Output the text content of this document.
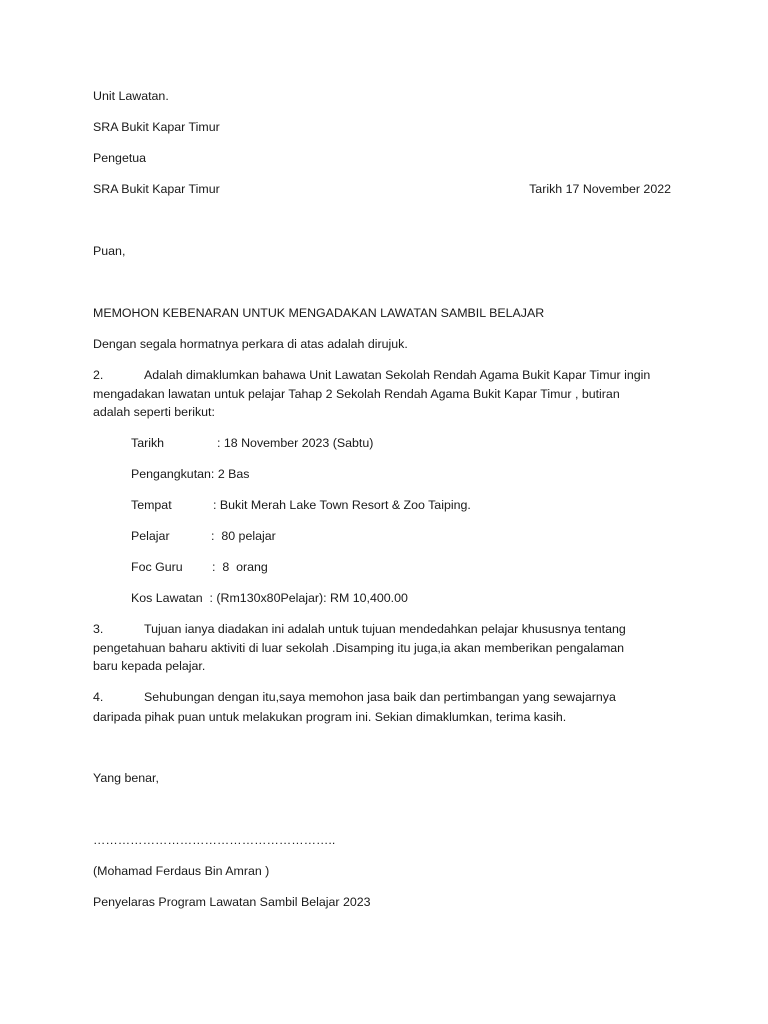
Unit Lawatan.
SRA Bukit Kapar Timur
Pengetua
SRA Bukit Kapar Timur	Tarikh 17 November 2022
Puan,
MEMOHON KEBENARAN UNTUK MENGADAKAN LAWATAN SAMBIL BELAJAR
Dengan segala hormatnya perkara di atas adalah dirujuk.
2.	Adalah dimaklumkan bahawa Unit Lawatan Sekolah Rendah Agama Bukit Kapar Timur ingin
mengadakan lawatan untuk pelajar Tahap 2 Sekolah Rendah Agama Bukit Kapar Timur , butiran
adalah seperti berikut:
Tarikh	: 18 November 2023 (Sabtu)
Pengangkutan: 2 Bas
Tempat	: Bukit Merah Lake Town Resort & Zoo Taiping.
Pelajar	:  80 pelajar
Foc Guru :  8  orang
Kos Lawatan  : (Rm130x80Pelajar): RM 10,400.00
3.	Tujuan ianya diadakan ini adalah untuk tujuan mendedahkan pelajar khususnya tentang
pengetahuan baharu aktiviti di luar sekolah .Disamping itu juga,ia akan memberikan pengalaman
baru kepada pelajar.
4.	Sehubungan dengan itu,saya memohon jasa baik dan pertimbangan yang sewajarnya
daripada pihak puan untuk melakukan program ini. Sekian dimaklumkan, terima kasih.
Yang benar,
…………………………………………………..
(Mohamad Ferdaus Bin Amran )
Penyelaras Program Lawatan Sambil Belajar 2023
